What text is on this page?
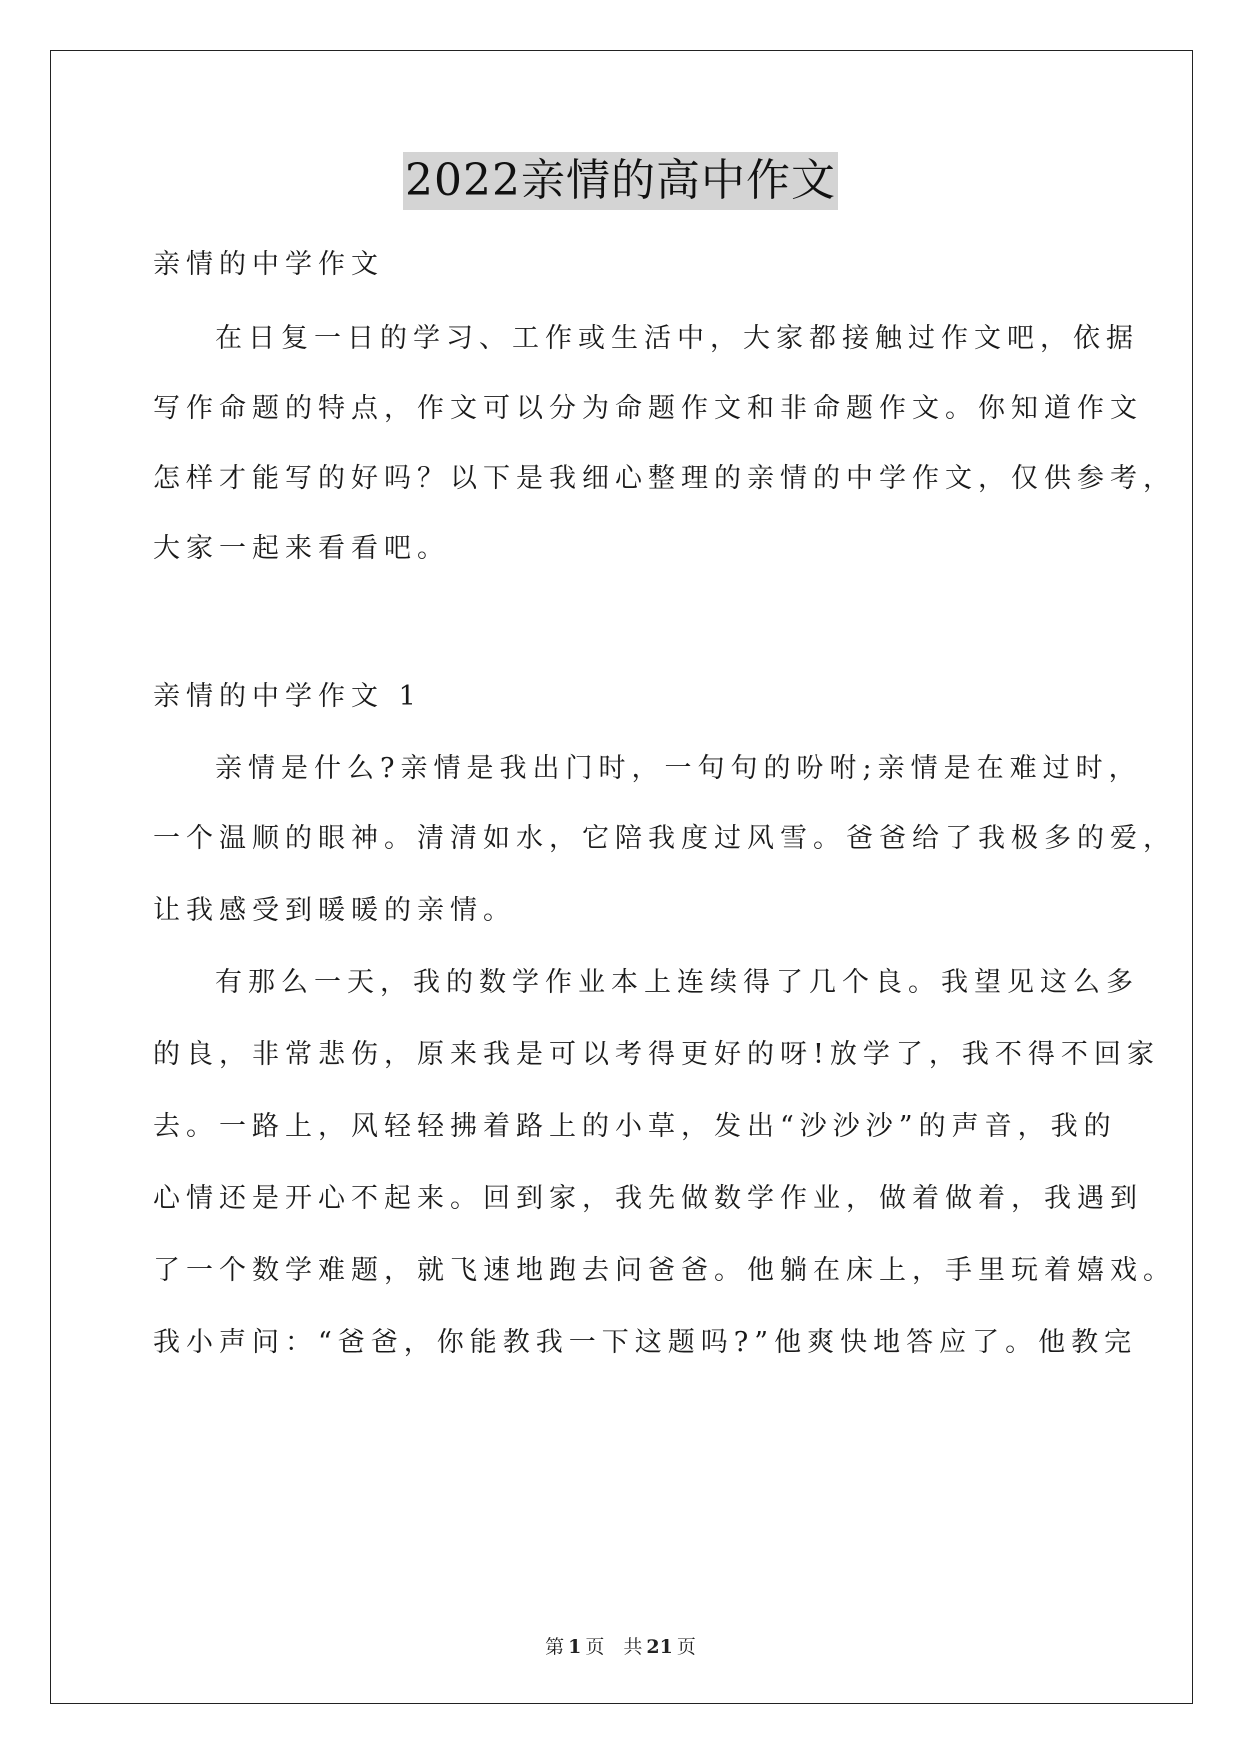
2022亲情的高中作文
亲情的中学作文
在日复一日的学习、工作或生活中，大家都接触过作文吧，依据
写作命题的特点，作文可以分为命题作文和非命题作文。你知道作文
怎样才能写的好吗？以下是我细心整理的亲情的中学作文，仅供参考，
大家一起来看看吧。
亲情的中学作文 1
亲情是什么?亲情是我出门时，一句句的吩咐;亲情是在难过时，
一个温顺的眼神。清清如水，它陪我度过风雪。爸爸给了我极多的爱，
让我感受到暖暖的亲情。
有那么一天，我的数学作业本上连续得了几个良。我望见这么多
的良，非常悲伤，原来我是可以考得更好的呀!放学了，我不得不回家
去。一路上，风轻轻拂着路上的小草，发出“沙沙沙”的声音，我的
心情还是开心不起来。回到家，我先做数学作业，做着做着，我遇到
了一个数学难题，就飞速地跑去问爸爸。他躺在床上，手里玩着嬉戏。
我小声问：“爸爸，你能教我一下这题吗?”他爽快地答应了。他教完
第 1 页　共 21 页
